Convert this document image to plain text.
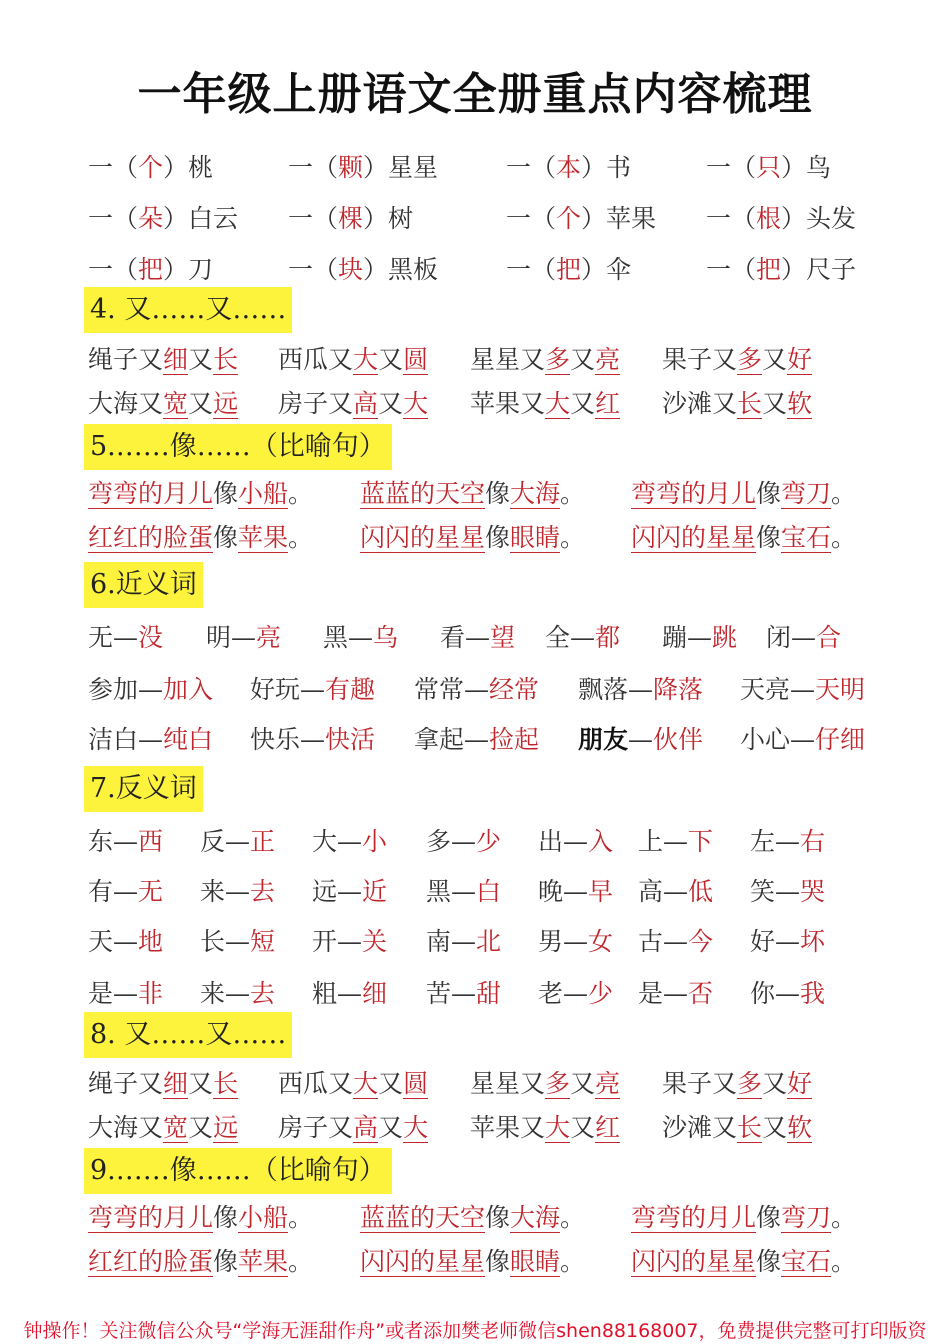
一年级上册语文全册重点内容梳理
一（个）桃	一（颗）星星	一（本）书	一（只）鸟
一（朵）白云 一（棵）树	一（个）苹果 一（根）头发
一（把）刀	一（块）黑板	一（把）伞	一（把）尺子
4. 又……又……
绳子又细又长 西瓜又大又圆 星星又多又亮 果子又多又好
大海又宽又远 房子又高又大 苹果又大又红 沙滩又长又软
5.……像……（比喻句）
弯弯的月儿像小船。 蓝蓝的天空像大海。 弯弯的月儿像弯刀。
红红的脸蛋像苹果。 闪闪的星星像眼睛。 闪闪的星星像宝石。
6.近义词
无—没 明—亮 黑—乌 看—望 全—都 蹦—跳 闭—合
参加—加入 好玩—有趣 常常—经常 飘落—降落 天亮—天明
洁白—纯白 快乐—快活 拿起—捡起 朋友—伙伴 小心—仔细
7.反义词
东—西 反—正 大—小 多—少 出—入 上—下 左—右
有—无 来—去 远—近 黑—白 晚—早 高—低 笑—哭
天—地 长—短 开—关 南—北 男—女 古—今 好—坏
是—非 来—去 粗—细 苦—甜 老—少 是—否 你—我
8. 又……又……
绳子又细又长 西瓜又大又圆 星星又多又亮 果子又多又好
大海又宽又远 房子又高又大 苹果又大又红 沙滩又长又软
9.……像……（比喻句）
弯弯的月儿像小船。 蓝蓝的天空像大海。 弯弯的月儿像弯刀。
红红的脸蛋像苹果。 闪闪的星星像眼睛。 闪闪的星星像宝石。
钟操作！关注微信公众号“学海无涯甜作舟”或者添加樊老师微信shen88168007，免费提供完整可打印版资
